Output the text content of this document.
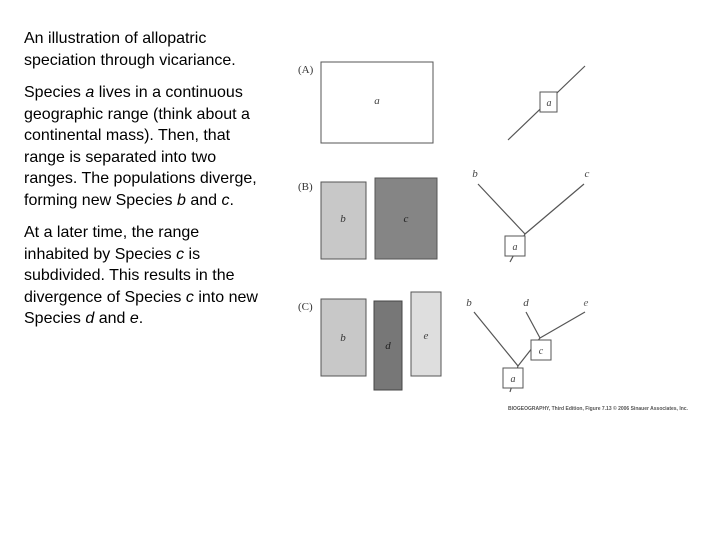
An illustration of allopatric speciation through vicariance.

Species a lives in a continuous geographic range (think about a continental mass). Then, that range is separated into two ranges. The populations diverge, forming new Species b and c.

At a later time, the range inhabited by Species c is subdivided. This results in the divergence of Species c into new Species d and e.

(A)
a	a
(B)
b	c
b	c
a
(C)
b
d
e
b	d	e
c
a
BIOGEOGRAPHY, Third Edition, Figure 7.13 © 2006 Sinauer Associates, Inc.
